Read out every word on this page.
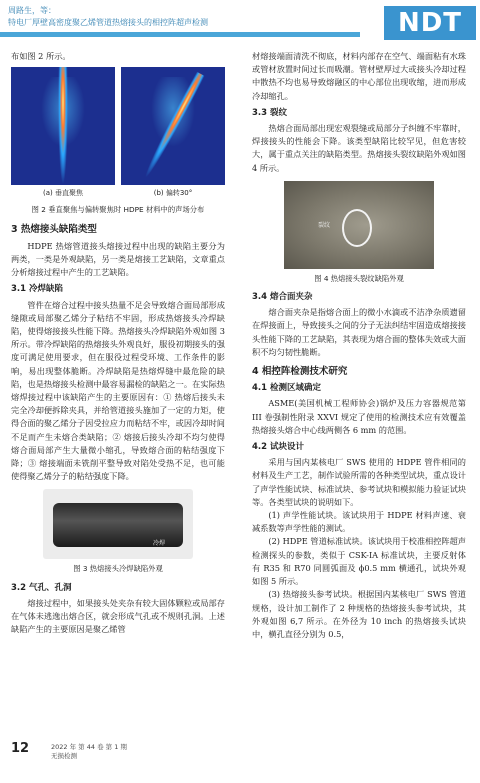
周路生，等：
特电厂厚壁高密度聚乙烯管道热熔接头的相控阵超声检测	NDT

布如图 2 所示。

(a) 垂直聚焦	(b) 偏转30°
图 2 垂直聚焦与偏转聚焦时 HDPE 材料中的声场分布
3 热熔接头缺陷类型

HDPE 热熔管道接头熔接过程中出现的缺陷主要分为两类，一类是外观缺陷，另一类是熔接工艺缺陷，文章重点分析熔接过程中产生的工艺缺陷。

3.1 冷焊缺陷

管件在熔合过程中接头热量不足会导致熔合面局部形成缝隙或局部聚乙烯分子粘结不牢固，形成热熔接头冷焊缺陷，使得熔接接头性能下降。热熔接头冷焊缺陷外观如图 3 所示。带冷焊缺陷的热熔接头外观良好，服役初期接头的强度可满足使用要求，但在服役过程受环境、工作条件的影响，易出现整体脆断。冷焊缺陷是热熔焊缝中最危险的缺陷，也是热熔接头检测中最容易漏检的缺陷之一。在实际热熔焊接过程中该缺陷产生的主要原因有：① 热熔后接头未完全冷却便拆除夹具，并给管道接头施加了一定的力矩，使得合面的聚乙烯分子因受拉应力而粘结不牢，或因冷却时间不足而产生未熔合类缺陷；② 熔接后接头冷却不均匀使得熔合面局部产生大量微小缩孔，导致熔合面的粘结强度下降；③ 熔接端面未铣削平整导致对陷处受热不足，也可能使得聚乙烯分子的粘结强度下降。

冷焊
图 3 热熔接头冷焊缺陷外观
3.2 气孔、孔洞

熔接过程中，如果接头处夹杂有较大固体颗粒或局部存在气体未逃逸出熔合区，就会形成气孔或不规则孔洞。上述缺陷产生的主要原因是聚乙烯管

材熔接端面清洗不彻底，材料内部存在空气、端面粘有水珠或管材放置时间过长而吸潮。管材壁厚过大或接头冷却过程中散热不均也易导致熔融区的中心部位出现收缩，进而形成冷却缩孔。

3.3 裂纹

热熔合面局部出现宏观裂缝或局部分子纠缠不牢靠时，焊接接头的性能会下降。该类型缺陷比较罕见，但危害较大，属于重点关注的缺陷类型。热熔接头裂纹缺陷外观如图 4 所示。

裂纹
图 4 热熔接头裂纹缺陷外观
3.4 熔合面夹杂

熔合面夹杂是指熔合面上的微小水滴或不洁净杂质遗留在焊接面上，导致接头之间的分子无法纠结牢固造成熔接接头性能下降的工艺缺陷，其表现为熔合面的整体失效或大面积不均匀韧性脆断。

4 相控阵检测技术研究
4.1 检测区域确定

ASME(美国机械工程师协会)锅炉及压力容器规范第 III 卷强制性附录 XXVI 规定了使用的检测技术应有效覆盖热熔接头熔合中心线两侧各 6 mm 的范围。

4.2 试块设计

采用与国内某核电厂 SWS 使用的 HDPE 管件相同的材料及生产工艺，制作试验所需的各种类型试块，重点设计了声学性能试块、标准试块、参考试块和模拟能力验证试块等。各类型试块的说明如下。

(1) 声学性能试块。该试块用于 HDPE 材料声速、衰减系数等声学性能的测试。

(2) HDPE 管道标准试块。该试块用于校准相控阵超声检测探头的参数，类似于 CSK-IA 标准试块，主要反射体有 R35 和 R70 同圆弧面及 ϕ0.5 mm 横通孔，试块外观如图 5 所示。

(3) 热熔接头参考试块。根据国内某核电厂 SWS 管道规格，设计加工制作了 2 种规格的热熔接头参考试块，其外观如图 6,7 所示。在外径为 10 inch 的热熔接头试块中，横孔直径分别为 0.5，

12	2022 年 第 44 卷 第 1 期
无损检测
